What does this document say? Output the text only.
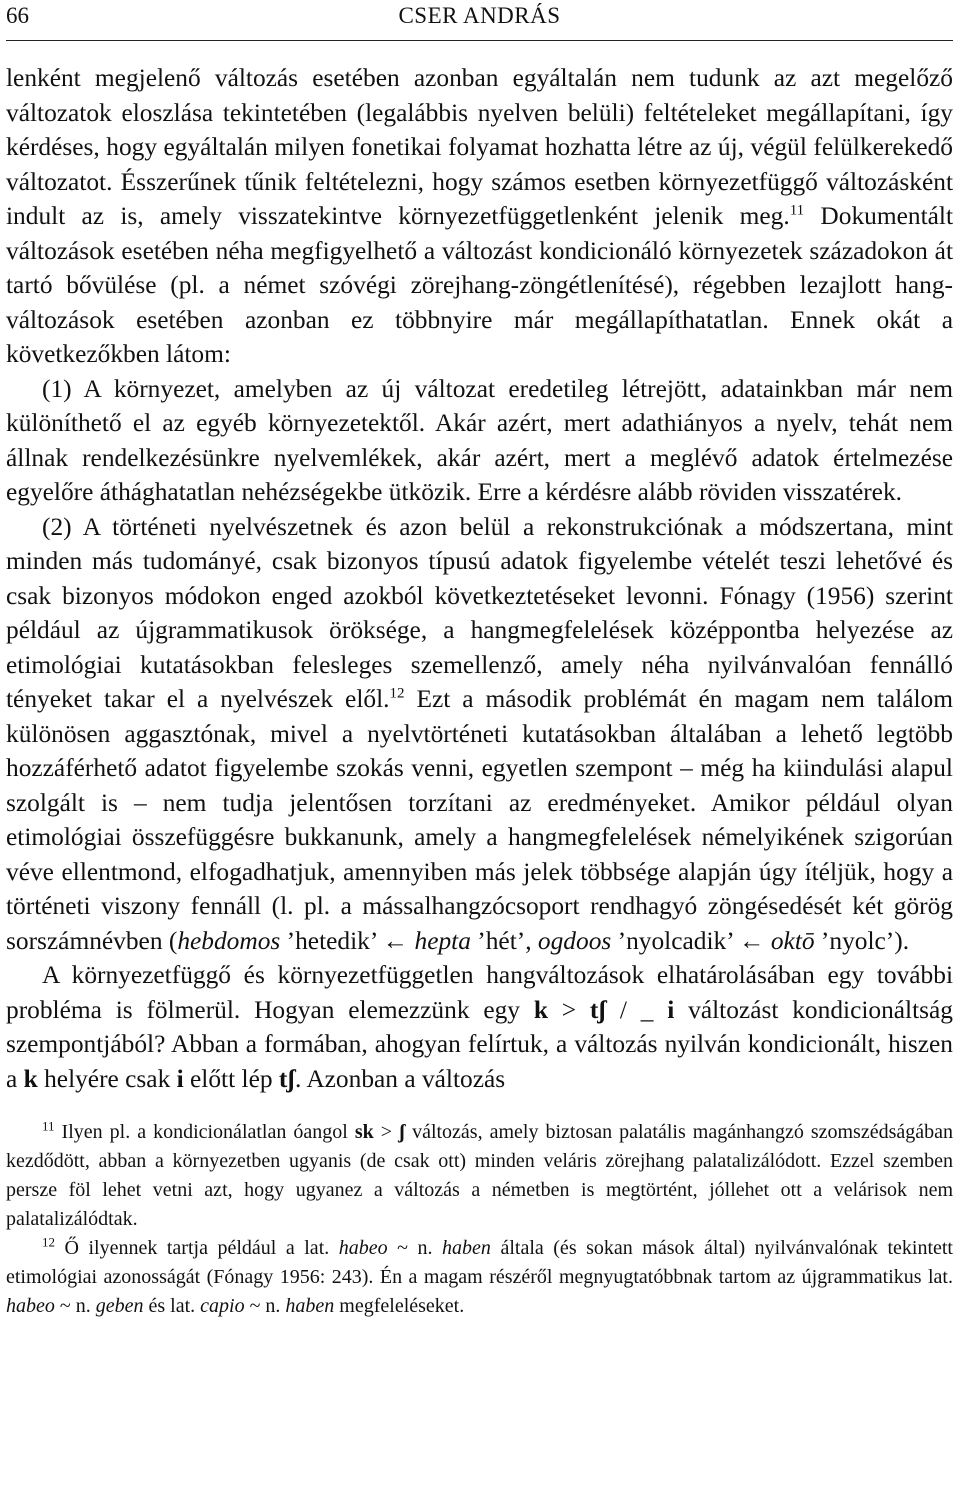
66	CSER ANDRÁS

lenként megjelenő változás esetében azonban egyáltalán nem tudunk az azt megelőző változatok eloszlása tekintetében (legalábbis nyelven belüli) feltételeket megállapítani, így kérdéses, hogy egyáltalán milyen fonetikai folyamat hozhatta létre az új, végül felülkerekedő változatot. Ésszerűnek tűnik feltételezni, hogy számos esetben környezetfüggő változásként indult az is, amely visszatekintve környezetfüggetlenként jelenik meg.$^{11}$ Dokumentált változások esetében néha megfigyelhető a változást kondicionáló környezetek századokon át tartó bővülése (pl. a német szóvégi zörejhang-zöngétlenítésé), régebben lezajlott hangváltozások esetében azonban ez többnyire már megállapíthatatlan. Ennek okát a következőkben látom:

(1) A környezet, amelyben az új változat eredetileg létrejött, adatainkban már nem különíthető el az egyéb környezetektől. Akár azért, mert adathiányos a nyelv, tehát nem állnak rendelkezésünkre nyelvemlékek, akár azért, mert a meglévő adatok értelmezése egyelőre áthághatatlan nehézségekbe ütközik. Erre a kérdésre alább röviden visszatérek.

(2) A történeti nyelvészetnek és azon belül a rekonstrukciónak a módszertana, mint minden más tudományé, csak bizonyos típusú adatok figyelembe vételét teszi lehetővé és csak bizonyos módokon enged azokból következtetéseket levonni. Fónagy (1956) szerint például az újgrammatikusok öröksége, a hangmegfelelések középpontba helyezése az etimológiai kutatásokban felesleges szemellenző, amely néha nyilvánvalóan fennálló tényeket takar el a nyelvészek elől.$^{12}$ Ezt a második problémát én magam nem találom különösen aggasztónak, mivel a nyelvtörténeti kutatásokban általában a lehető legtöbb hozzáférhető adatot figyelembe szokás venni, egyetlen szempont – még ha kiindulási alapul szolgált is – nem tudja jelentősen torzítani az eredményeket. Amikor például olyan etimológiai összefüggésre bukkanunk, amely a hangmegfelelések némelyikének szigorúan véve ellentmond, elfogadhatjuk, amennyiben más jelek többsége alapján úgy ítéljük, hogy a történeti viszony fennáll (l. pl. a mássalhangzócsoport rendhagyó zöngésedését két görög sorszámnévben (hebdomos ’hetedik’ ← hepta ’hét’, ogdoos ’nyolcadik’ ← oktō ’nyolc’).

A környezetfüggő és környezetfüggetlen hangváltozások elhatárolásában egy további probléma is fölmerül. Hogyan elemezzünk egy k > tʃ / _ i változást kondicionáltság szempontjából? Abban a formában, ahogyan felírtuk, a változás nyilván kondicionált, hiszen a k helyére csak i előtt lép tʃ. Azonban a változás

$^{11}$ Ilyen pl. a kondicionálatlan óangol sk > ʃ változás, amely biztosan palatális magánhangzó szomszédságában kezdődött, abban a környezetben ugyanis (de csak ott) minden veláris zörejhang palatalizálódott. Ezzel szemben persze föl lehet vetni azt, hogy ugyanez a változás a németben is megtörtént, jóllehet ott a velárisok nem palatalizálódtak.

$^{12}$ Ő ilyennek tartja például a lat. habeo ~ n. haben általa (és sokan mások által) nyilvánvalónak tekintett etimológiai azonosságát (Fónagy 1956: 243). Én a magam részéről megnyugtatóbbnak tartom az újgrammatikus lat. habeo ~ n. geben és lat. capio ~ n. haben megfeleléseket.
